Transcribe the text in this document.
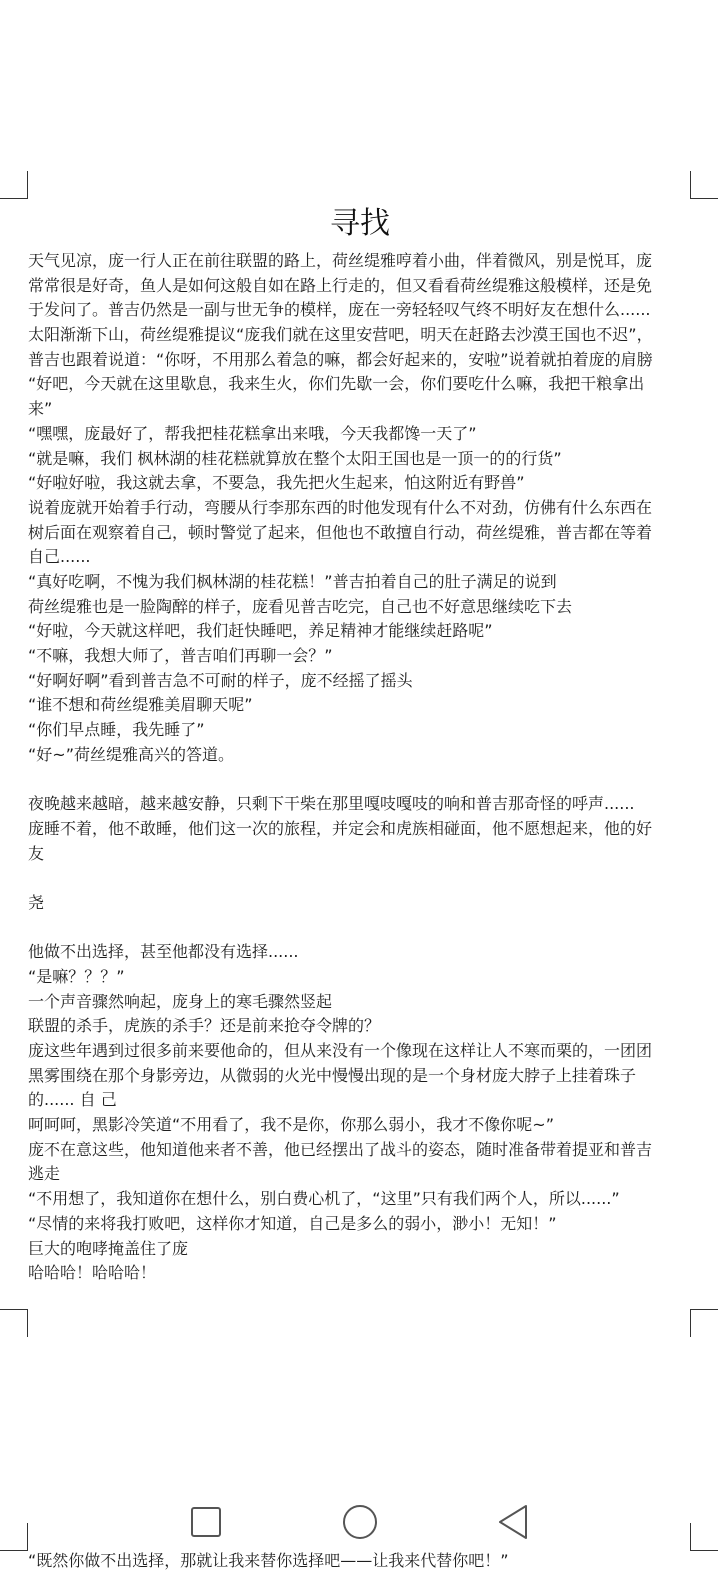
寻找
天气见凉，庞一行人正在前往联盟的路上，荷丝缇雅哼着小曲，伴着微风，别是悦耳，庞
常常很是好奇，鱼人是如何这般自如在路上行走的，但又看看荷丝缇雅这般模样，还是免
于发问了。普吉仍然是一副与世无争的模样，庞在一旁轻轻叹气终不明好友在想什么......
太阳渐渐下山，荷丝缇雅提议“庞我们就在这里安营吧，明天在赶路去沙漠王国也不迟”，
普吉也跟着说道：“你呀，不用那么着急的嘛，都会好起来的，安啦”说着就拍着庞的肩膀
“好吧，今天就在这里歇息，我来生火，你们先歇一会，你们要吃什么嘛，我把干粮拿出
来”
“嘿嘿，庞最好了，帮我把桂花糕拿出来哦，今天我都馋一天了”
“就是嘛，我们 枫林湖的桂花糕就算放在整个太阳王国也是一顶一的的行货”
“好啦好啦，我这就去拿，不要急，我先把火生起来，怕这附近有野兽”
说着庞就开始着手行动，弯腰从行李那东西的时他发现有什么不对劲，仿佛有什么东西在
树后面在观察着自己，顿时警觉了起来，但他也不敢擅自行动，荷丝缇雅，普吉都在等着
自己......
“真好吃啊，不愧为我们枫林湖的桂花糕！”普吉拍着自己的肚子满足的说到
荷丝缇雅也是一脸陶醉的样子，庞看见普吉吃完，自己也不好意思继续吃下去
“好啦，今天就这样吧，我们赶快睡吧，养足精神才能继续赶路呢”
“不嘛，我想大师了，普吉咱们再聊一会？”
“好啊好啊”看到普吉急不可耐的样子，庞不经摇了摇头
“谁不想和荷丝缇雅美眉聊天呢”
“你们早点睡，我先睡了”
“好~”荷丝缇雅高兴的答道。
夜晚越来越暗，越来越安静，只剩下干柴在那里嘎吱嘎吱的响和普吉那奇怪的呼声......
庞睡不着，他不敢睡，他们这一次的旅程，并定会和虎族相碰面，他不愿想起来，他的好
友
尧
他做不出选择，甚至他都没有选择......
“是嘛？？？”
一个声音骤然响起，庞身上的寒毛骤然竖起
联盟的杀手，虎族的杀手？还是前来抢夺令牌的？
庞这些年遇到过很多前来要他命的，但从来没有一个像现在这样让人不寒而栗的，一团团
黑雾围绕在那个身影旁边，从微弱的火光中慢慢出现的是一个身材庞大脖子上挂着珠子
的...... 自 己
呵呵呵，黑影冷笑道“不用看了，我不是你，你那么弱小，我才不像你呢~”
庞不在意这些，他知道他来者不善，他已经摆出了战斗的姿态，随时准备带着提亚和普吉
逃走
“不用想了，我知道你在想什么，别白费心机了，“这里”只有我们两个人，所以......”
“尽情的来将我打败吧，这样你才知道，自己是多么的弱小，渺小！无知！”
巨大的咆哮掩盖住了庞
哈哈哈！哈哈哈！
“既然你做不出选择，那就让我来替你选择吧——让我来代替你吧！”
